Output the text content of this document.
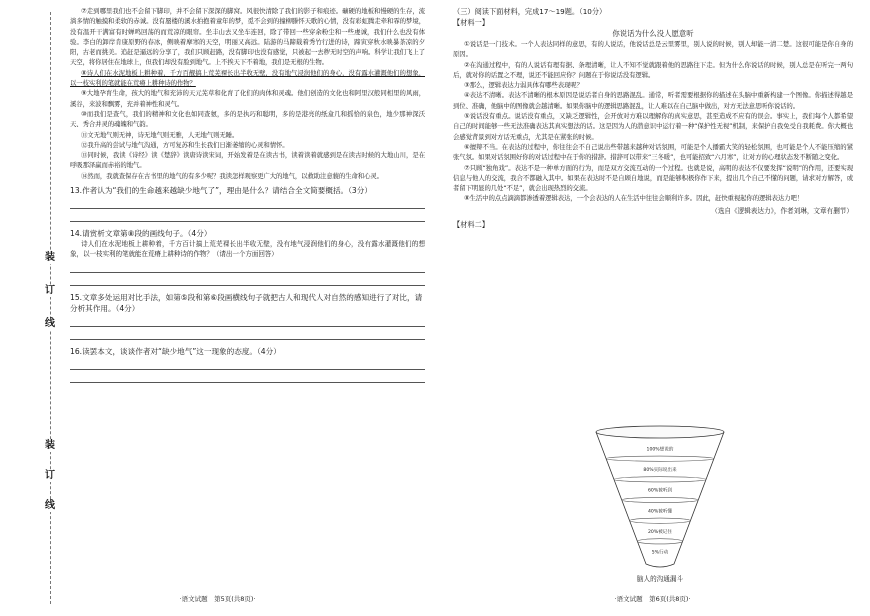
装
订
线
装
订
线

⑦走到哪里我们也不会留下脚印，并不会留下深深的脚窝。风很快清除了我们的影子和痕迹。礦硬的地板和慢硬的生存，流淌多情的触摸和柔软的赤诚。没有蜃楼的溪水拍抱着童年的梦，觅不会到的撞柳滕怀天歌的心情，没有彩虹腾走牵和霏的梦境，没有温开干满富有时蝉鸣回荡的而荒凉的眼帘。坐丰山去又坐车连回，除了带回一些穿余粉尘和一些虔诚，我们什么也没有体验。李白的卸岸肯康原野的春冰，侧映着摩寒的天空，明丽又高远。陆游的马蹄载着秀竹行进的诗，蹄寅穿秋水映暴茶凉的夕阳，古老而挑美。追赶是逼远的分享了，我们只顾赶路，没有脚印也没有感觉，只被起一去秽无时空的声响。科学让我们飞上了天空，将你居住在地球上，但我们却没有脸到地气。上不挨天下不着地，我们是无根的生物。

⑧诗人们在水泥地板上耕种着，千方百靓搞上荒芜裸长出半收无壁，没有地气浸润他们的身心，没有露水灌溉他们的想象，以一枝实利的笔就能在荒瘠上耕种诗的作物？

⑨大地孕育生命，孩大的地气和充沛的天元芜草和化育了化们的肉体和灵魂。他们创造的文化也和阿里汉般同相里的风雨，溪谷，来波和飘雾，充并着神性和灵气。

⑩而我们是查气，我们的精神和文化也如同查氨，多的是执巧和聪明，多的是港亮的纸盒几和摇恰的泉色，地少那神深沃天、秀合并灵的魂魄和气韵。

⑪文无地气则无神，诗无地气则无雅，人无地气则无睡。

⑫我升高的尝试与地气沟通，方可复苏和生长我们日渐萎缩的心灵和情怀。

⑬同时候，我读《诗经》读《楚辞》读唐诗读宋词，开始发着是在读古书，读着读着就感到是在读古时候的大地山川，是在呼吸那泽赢而赤裕的地气。

⑭然而，我就查保存在古书里的地气的有多少呢？我读怎样观察更广大的地气，以救助注意藐的生命和心灵。

13.作者认为“我们的生命越来越缺少地气了”，理由是什么？请结合全文简要概括。（3分）

14.请赏析文章第⑧段的画线句子。（4分）

诗人们在水泥地板上耕种着，千方百计搞上荒芜裸长出半收无壁，没有地气浸润他们的身心，没有露水灌溉他们的想象，以一枝实利的笔就能在荒瘠上耕种诗的作物？（请出一个方面回答）

15.文章多处运用对比手法，如第⑤段和第⑥段画横线句子就把古人和现代人对自然的感知进行了对比，请分析其作用。（4分）

16.读罢本文，谈谈作者对“缺少地气”这一现象的态度。（4分）

·语文试题　第5页(共8页)·

（三）阅读下面材料，完成17～19题。（10分）

【材料一】

你说话为什么没人愿意听

①说话是一门技术。一个人表达同样的意思，有的人说话，他说话总是云里雾里，别人说的时候，别人却能一清二楚。这很可能是你自身的原因。

②在沟通过程中，有的人说话有理有据、条理清晰，让人不知不觉就跟着他的思路往下走。但为什么你说话的时候，别人总是在听完一两句后，就对你的话置之不理，说还不能回应你？问题在于你说话没有逻辑。

③那么，逻辑表达力弱具体有哪些表现呢？

④表达不清晰。表达不清晰的根本原因是说话者自身的思路混乱。通常，听者需要根据你的描述在头脑中重新构建一个图像。你描述得越是到位、准确，他脑中的图像就会越清晰。如果你脑中的逻辑思路混乱，让人难以在自己脑中做出，对方无法意思听你说话的。

⑤说话没有重点。说话没有重点，又缺乏逻辑性，会开放对方难以理解你的真实意思，甚至造成不应有的误会。事实上，我们每个人都希望自己的时间能够一些无法准确表达其真实想法的话。这是因为人的潜意识中运行着一种“保护性无视”机制，来保护自我免受自我耗费。你大概也会感觉背景到对方话无重点，尤其是在紧张的时候。

⑥擅辩不当。在表达的过程中，你往往会不自己说出些带越来越种对话氛围，可能是个人播霸大笑的轻松氛围，也可能是个人不能压缩的紧张气氛。如果对话氛围好你的对话过程中在于你的措辞。措辞可以带来“三冬暖”，也可能招致“六月寒”，让对方的心理状态发不断随之变化。

⑦只顾“独角戏”。表达不是一种单方面的行为，而是双方交流互动的一个过程。也就是说，高明的表达不仅要发挥“说明”的作用，还要实现信息与他人的交流，我合不都融入其中。如果在表达时不是自顾自地说，而是能够积极你作下来，提出几个自己不懂的问题，请求对方解答，或者留下明显的几处“不足”，就会出现热烈的交流。

⑧生活中的点点滴滴都渗透着逻辑表达，一个会表达的人在生活中往往会顺利许多。因此，赶快重视起你的逻辑表达力吧！

（选自《逻辑表达力》，作者刘琳，文章有删节）

【材料二】

100%想说的
80%实际说出来
60%被听到
40%被听懂
20%被记住
5%行动
脑人的沟通漏斗
·语文试题　第6页(共8页)·
